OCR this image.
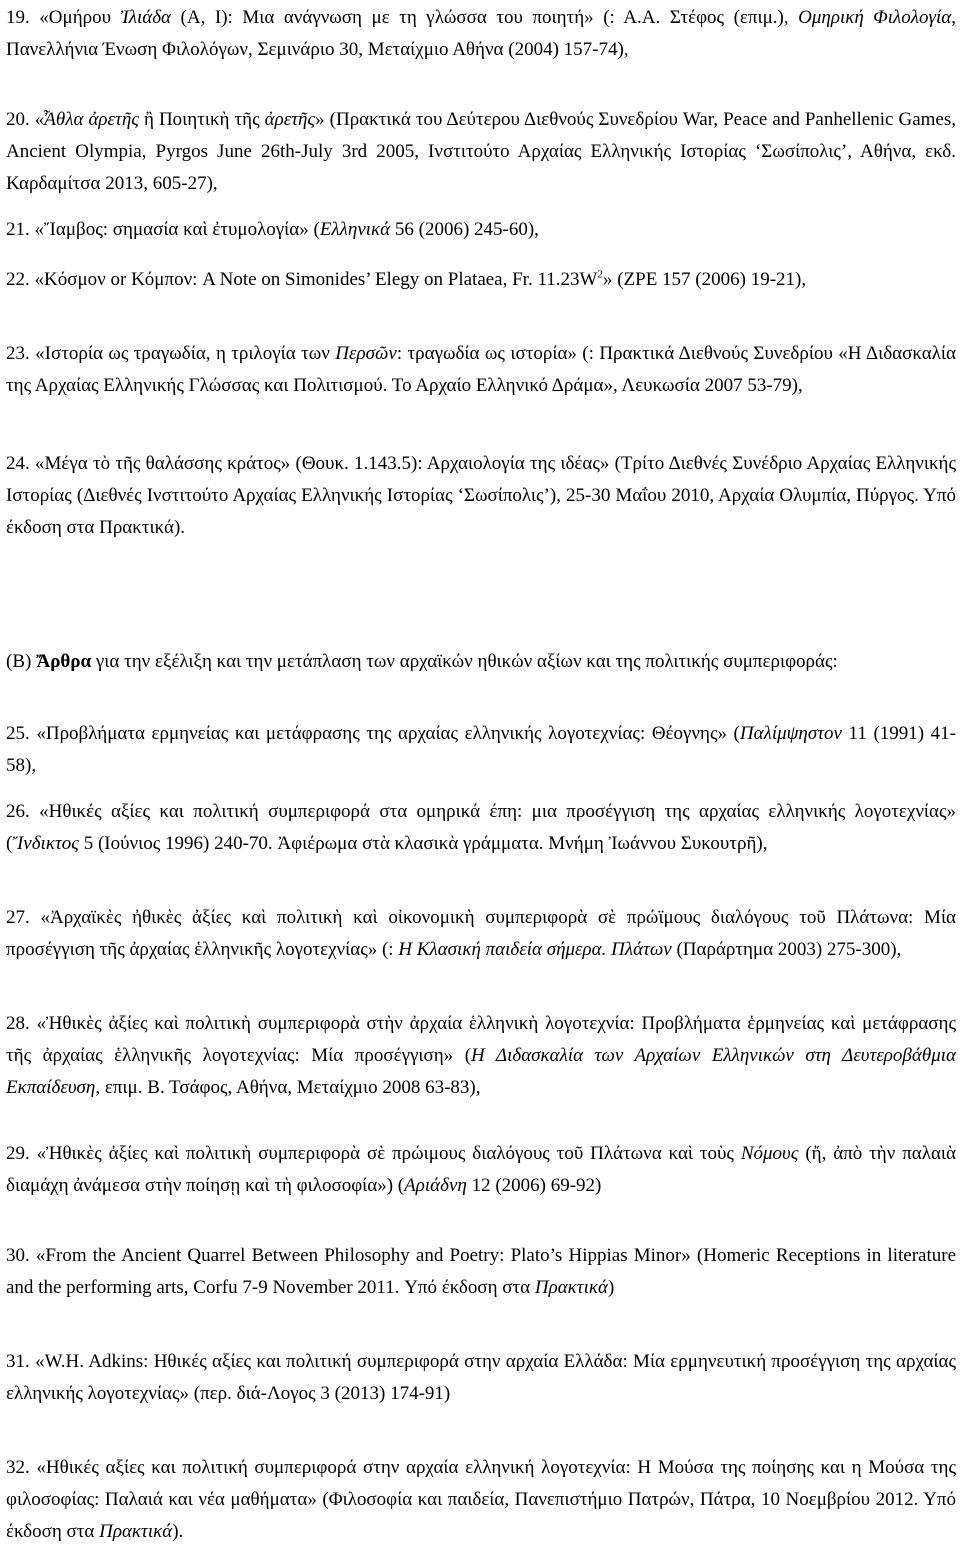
19. «Ομήρου Ἰλιάδα (Α, Ι): Μια ανάγνωση με τη γλώσσα του ποιητή» (: Α.Α. Στέφος (επιμ.), Ομηρική Φιλολογία, Πανελλήνια Ένωση Φιλολόγων, Σεμινάριο 30, Μεταίχμιο Αθήνα (2004) 157-74),
20. «Ἆθλα ἀρετῆς ἢ Ποιητικὴ τῆς ἀρετῆς» (Πρακτικά του Δεύτερου Διεθνούς Συνεδρίου War, Peace and Panhellenic Games, Ancient Olympia, Pyrgos June 26th-July 3rd 2005, Ινστιτούτο Αρχαίας Ελληνικής Ιστορίας ‘Σωσίπολις’, Αθήνα, εκδ. Καρδαμίτσα 2013, 605-27),
21. «Ἴαμβος: σημασία καὶ ἐτυμολογία» (Ελληνικά 56 (2006) 245-60),
22. «Κόσμον or Κόμπον: A Note on Simonides’ Elegy on Plataea, Fr. $11.23W^2$» (ZPE 157 (2006) 19-21),
23. «Ιστορία ως τραγωδία, η τριλογία των Περσῶν: τραγωδία ως ιστορία» (: Πρακτικά Διεθνούς Συνεδρίου «Η Διδασκαλία της Αρχαίας Ελληνικής Γλώσσας και Πολιτισμού. Το Αρχαίο Ελληνικό Δράμα», Λευκωσία 2007 53-79),
24. «Μέγα τὸ τῆς θαλάσσης κράτος» (Θουκ. 1.143.5): Αρχαιολογία της ιδέας» (Τρίτο Διεθνές Συνέδριο Αρχαίας Ελληνικής Ιστορίας (Διεθνές Ινστιτούτο Αρχαίας Ελληνικής Ιστορίας ‘Σωσίπολις’), 25-30 Μαΐου 2010, Αρχαία Ολυμπία, Πύργος. Υπό έκδοση στα Πρακτικά).
(Β) Ἄρθρα για την εξέλιξη και την μετάπλαση των αρχαϊκών ηθικών αξίων και της πολιτικής συμπεριφοράς:
25. «Προβλήματα ερμηνείας και μετάφρασης της αρχαίας ελληνικής λογοτεχνίας: Θέογνης» (Παλίμψηστον 11 (1991) 41-58),
26. «Ηθικές αξίες και πολιτική συμπεριφορά στα ομηρικά έπη: μια προσέγγιση της αρχαίας ελληνικής λογοτεχνίας» (Ἴνδικτος 5 (Ιούνιος 1996) 240-70. Ἀφιέρωμα στὰ κλασικὰ γράμματα. Μνήμη Ἰωάννου Συκουτρῆ),
27. «Ἀρχαϊκὲς ἠθικὲς ἀξίες καὶ πολιτικὴ καὶ οἰκονομικὴ συμπεριφορὰ σὲ πρώϊμους διαλόγους τοῦ Πλάτωνα: Μία προσέγγιση τῆς ἀρχαίας ἑλληνικῆς λογοτεχνίας» (: Η Κλασική παιδεία σήμερα. Πλάτων (Παράρτημα 2003) 275-300),
28. «Ἠθικὲς ἀξίες καὶ πολιτικὴ συμπεριφορὰ στὴν ἀρχαία ἑλληνικὴ λογοτεχνία: Προβλήματα ἑρμηνείας καὶ μετάφρασης τῆς ἀρχαίας ἑλληνικῆς λογοτεχνίας: Μία προσέγγιση» (Η Διδασκαλία των Αρχαίων Ελληνικών στη Δευτεροβάθμια Εκπαίδευση, επιμ. Β. Τσάφος, Αθήνα, Μεταίχμιο 2008 63-83),
29. «Ἠθικὲς ἀξίες καὶ πολιτικὴ συμπεριφορὰ σὲ πρώιμους διαλόγους τοῦ Πλάτωνα καὶ τοὺς Νόμους (ἤ, ἀπὸ τὴν παλαιὰ διαμάχη ἀνάμεσα στὴν ποίησῃ καὶ τὴ φιλοσοφία») (Αριάδνη 12 (2006) 69-92)
30. «From the Ancient Quarrel Between Philosophy and Poetry: Plato’s Hippias Minor» (Homeric Receptions in literature and the performing arts, Corfu 7-9 November 2011. Υπό έκδοση στα Πρακτικά)
31. «W.H. Adkins: Ηθικές αξίες και πολιτική συμπεριφορά στην αρχαία Ελλάδα: Μία ερμηνευτική προσέγγιση της αρχαίας ελληνικής λογοτεχνίας» (περ. διά-Λογος 3 (2013) 174-91)
32. «Ηθικές αξίες και πολιτική συμπεριφορά στην αρχαία ελληνική λογοτεχνία: Η Μούσα της ποίησης και η Μούσα της φιλοσοφίας: Παλαιά και νέα μαθήματα» (Φιλοσοφία και παιδεία, Πανεπιστήμιο Πατρών, Πάτρα, 10 Νοεμβρίου 2012. Υπό έκδοση στα Πρακτικά).
